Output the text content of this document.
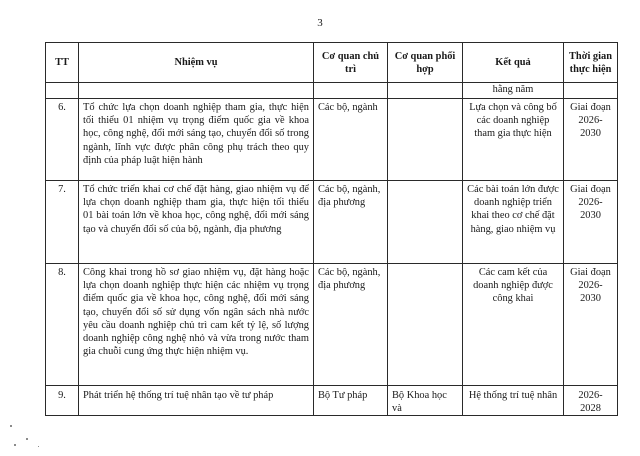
3
TT	Nhiệm vụ	Cơ quan chủ trì	Cơ quan phối hợp	Kết quả	Thời gian thực hiện
				hằng năm	
6.	Tổ chức lựa chọn doanh nghiệp tham gia, thực hiện tối thiểu 01 nhiệm vụ trọng điểm quốc gia về khoa học, công nghệ, đổi mới sáng tạo, chuyển đổi số trong ngành, lĩnh vực được phân công phụ trách theo quy định của pháp luật hiện hành	Các bộ, ngành		Lựa chọn và công bố các doanh nghiệp tham gia thực hiện	Giai đoạn 2026-2030
7.	Tổ chức triển khai cơ chế đặt hàng, giao nhiệm vụ để lựa chọn doanh nghiệp tham gia, thực hiện tối thiểu 01 bài toán lớn về khoa học, công nghệ, đổi mới sáng tạo và chuyển đổi số của bộ, ngành, địa phương	Các bộ, ngành, địa phương		Các bài toán lớn được doanh nghiệp triển khai theo cơ chế đặt hàng, giao nhiệm vụ	Giai đoạn 2026-2030
8.	Công khai trong hồ sơ giao nhiệm vụ, đặt hàng hoặc lựa chọn doanh nghiệp thực hiện các nhiệm vụ trọng điểm quốc gia về khoa học, công nghệ, đổi mới sáng tạo, chuyển đổi số sử dụng vốn ngân sách nhà nước yêu cầu doanh nghiệp chủ trì cam kết tỷ lệ, số lượng doanh nghiệp công nghệ nhỏ và vừa trong nước tham gia chuỗi cung ứng thực hiện nhiệm vụ.	Các bộ, ngành, địa phương		Các cam kết của doanh nghiệp được công khai	Giai đoạn 2026-2030
9.	Phát triển hệ thống trí tuệ nhân tạo về tư pháp	Bộ Tư pháp	Bộ Khoa học và	Hệ thống trí tuệ nhân	2026-2028
